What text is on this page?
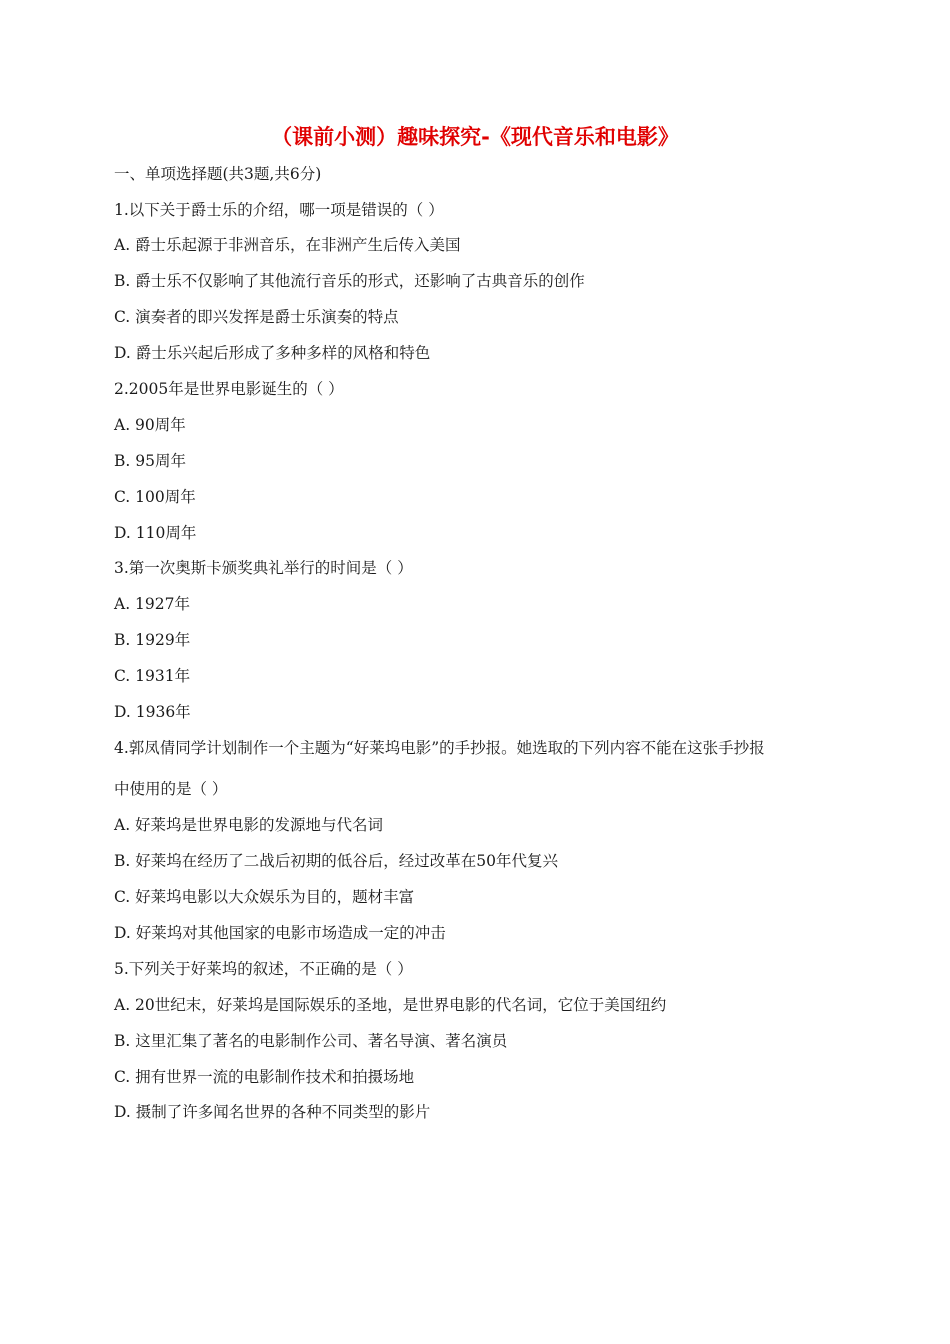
（课前小测）趣味探究-《现代音乐和电影》
一、单项选择题(共3题,共6分)
1.以下关于爵士乐的介绍，哪一项是错误的（ ）
A. 爵士乐起源于非洲音乐，在非洲产生后传入美国
B. 爵士乐不仅影响了其他流行音乐的形式，还影响了古典音乐的创作
C. 演奏者的即兴发挥是爵士乐演奏的特点
D. 爵士乐兴起后形成了多种多样的风格和特色
2.2005年是世界电影诞生的（ ）
A. 90周年
B. 95周年
C. 100周年
D. 110周年
3.第一次奥斯卡颁奖典礼举行的时间是（ ）
A. 1927年
B. 1929年
C. 1931年
D. 1936年
4.郭凤倩同学计划制作一个主题为“好莱坞电影”的手抄报。她选取的下列内容不能在这张手抄报
中使用的是（ ）
A. 好莱坞是世界电影的发源地与代名词
B. 好莱坞在经历了二战后初期的低谷后，经过改革在50年代复兴
C. 好莱坞电影以大众娱乐为目的，题材丰富
D. 好莱坞对其他国家的电影市场造成一定的冲击
5.下列关于好莱坞的叙述，不正确的是（ ）
A. 20世纪末，好莱坞是国际娱乐的圣地，是世界电影的代名词，它位于美国纽约
B. 这里汇集了著名的电影制作公司、著名导演、著名演员
C. 拥有世界一流的电影制作技术和拍摄场地
D. 摄制了许多闻名世界的各种不同类型的影片
